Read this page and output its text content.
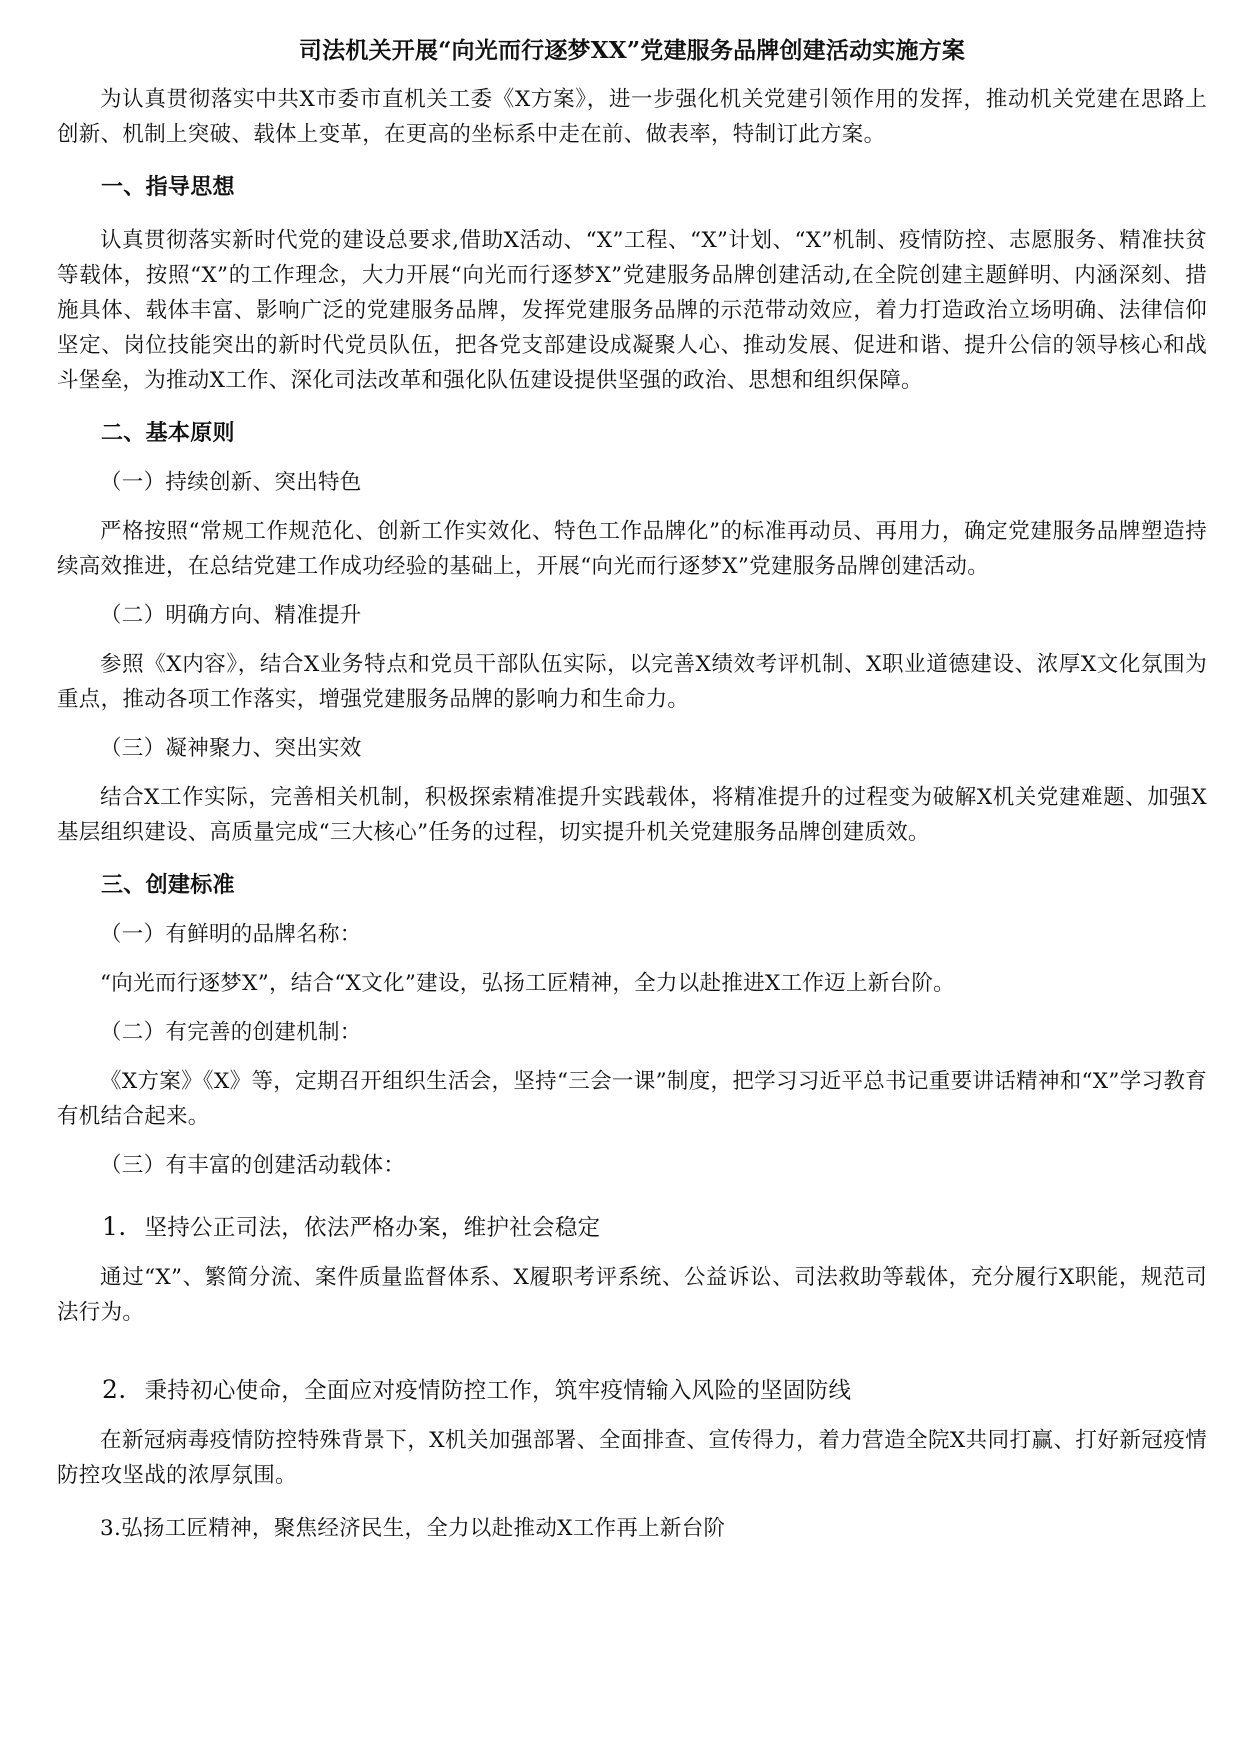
司法机关开展“向光而行逐梦XX”党建服务品牌创建活动实施方案

为认真贯彻落实中共X市委市直机关工委《X方案》，进一步强化机关党建引领作用的发挥，推动机关党建在思路上创新、机制上突破、载体上变革，在更高的坐标系中走在前、做表率，特制订此方案。

一、指导思想

认真贯彻落实新时代党的建设总要求,借助X活动、“X”工程、“X”计划、“X”机制、疫情防控、志愿服务、精准扶贫等载体，按照“X”的工作理念，大力开展“向光而行逐梦X”党建服务品牌创建活动,在全院创建主题鲜明、内涵深刻、措施具体、载体丰富、影响广泛的党建服务品牌，发挥党建服务品牌的示范带动效应，着力打造政治立场明确、法律信仰坚定、岗位技能突出的新时代党员队伍，把各党支部建设成凝聚人心、推动发展、促进和谐、提升公信的领导核心和战斗堡垒，为推动X工作、深化司法改革和强化队伍建设提供坚强的政治、思想和组织保障。

二、基本原则

（一）持续创新、突出特色

严格按照“常规工作规范化、创新工作实效化、特色工作品牌化”的标准再动员、再用力，确定党建服务品牌塑造持续高效推进，在总结党建工作成功经验的基础上，开展“向光而行逐梦X”党建服务品牌创建活动。

（二）明确方向、精准提升

参照《X内容》，结合X业务特点和党员干部队伍实际，以完善X绩效考评机制、X职业道德建设、浓厚X文化氛围为重点，推动各项工作落实，增强党建服务品牌的影响力和生命力。

（三）凝神聚力、突出实效

结合X工作实际，完善相关机制，积极探索精准提升实践载体，将精准提升的过程变为破解X机关党建难题、加强X基层组织建设、高质量完成“三大核心”任务的过程，切实提升机关党建服务品牌创建质效。

三、创建标准

（一）有鲜明的品牌名称：

“向光而行逐梦X”，结合“X文化”建设，弘扬工匠精神，全力以赴推进X工作迈上新台阶。

（二）有完善的创建机制：

《X方案》《X》等，定期召开组织生活会，坚持“三会一课”制度，把学习习近平总书记重要讲话精神和“X”学习教育有机结合起来。

（三）有丰富的创建活动载体：

1. 坚持公正司法，依法严格办案，维护社会稳定

通过“X”、繁简分流、案件质量监督体系、X履职考评系统、公益诉讼、司法救助等载体，充分履行X职能，规范司法行为。

2. 秉持初心使命，全面应对疫情防控工作，筑牢疫情输入风险的坚固防线

在新冠病毒疫情防控特殊背景下，X机关加强部署、全面排查、宣传得力，着力营造全院X共同打赢、打好新冠疫情防控攻坚战的浓厚氛围。

3.弘扬工匠精神，聚焦经济民生，全力以赴推动X工作再上新台阶
